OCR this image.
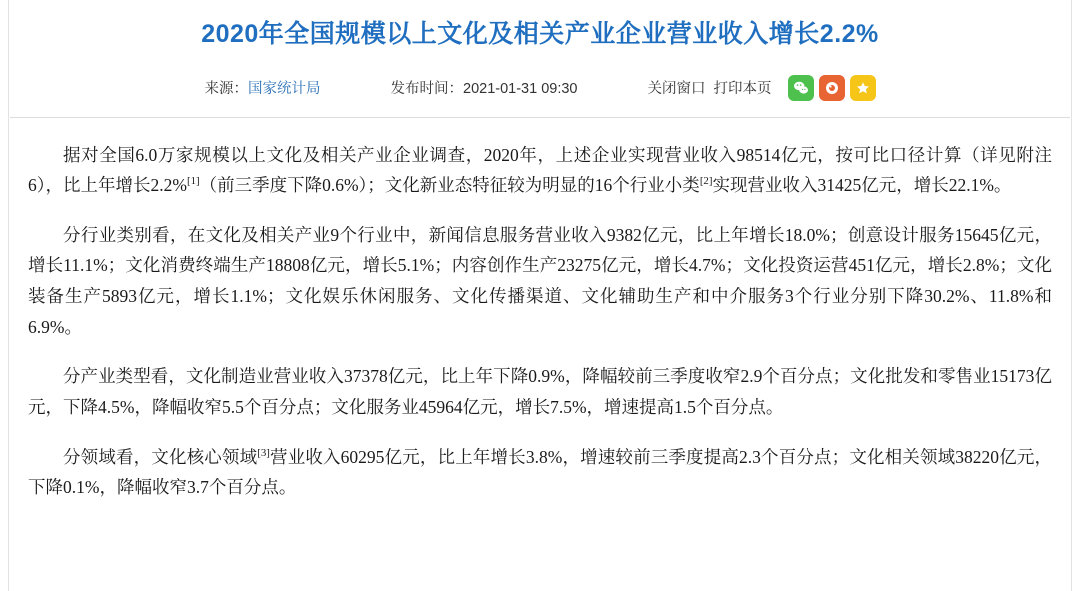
2020年全国规模以上文化及相关产业企业营业收入增长2.2%
来源：国家统计局	发布时间：2021-01-31 09:30	关闭窗口 打印本页

据对全国6.0万家规模以上文化及相关产业企业调查，2020年，上述企业实现营业收入98514亿元，按可比口径计算（详见附注6），比上年增长2.2%[1]（前三季度下降0.6%）；文化新业态特征较为明显的16个行业小类[2]实现营业收入31425亿元，增长22.1%。

分行业类别看，在文化及相关产业9个行业中，新闻信息服务营业收入9382亿元，比上年增长18.0%；创意设计服务15645亿元，增长11.1%；文化消费终端生产18808亿元，增长5.1%；内容创作生产23275亿元，增长4.7%；文化投资运营451亿元，增长2.8%；文化装备生产5893亿元，增长1.1%；文化娱乐休闲服务、文化传播渠道、文化辅助生产和中介服务3个行业分别下降30.2%、11.8%和6.9%。

分产业类型看，文化制造业营业收入37378亿元，比上年下降0.9%，降幅较前三季度收窄2.9个百分点；文化批发和零售业15173亿元，下降4.5%，降幅收窄5.5个百分点；文化服务业45964亿元，增长7.5%，增速提高1.5个百分点。

分领域看，文化核心领域[3]营业收入60295亿元，比上年增长3.8%，增速较前三季度提高2.3个百分点；文化相关领域38220亿元，下降0.1%，降幅收窄3.7个百分点。
